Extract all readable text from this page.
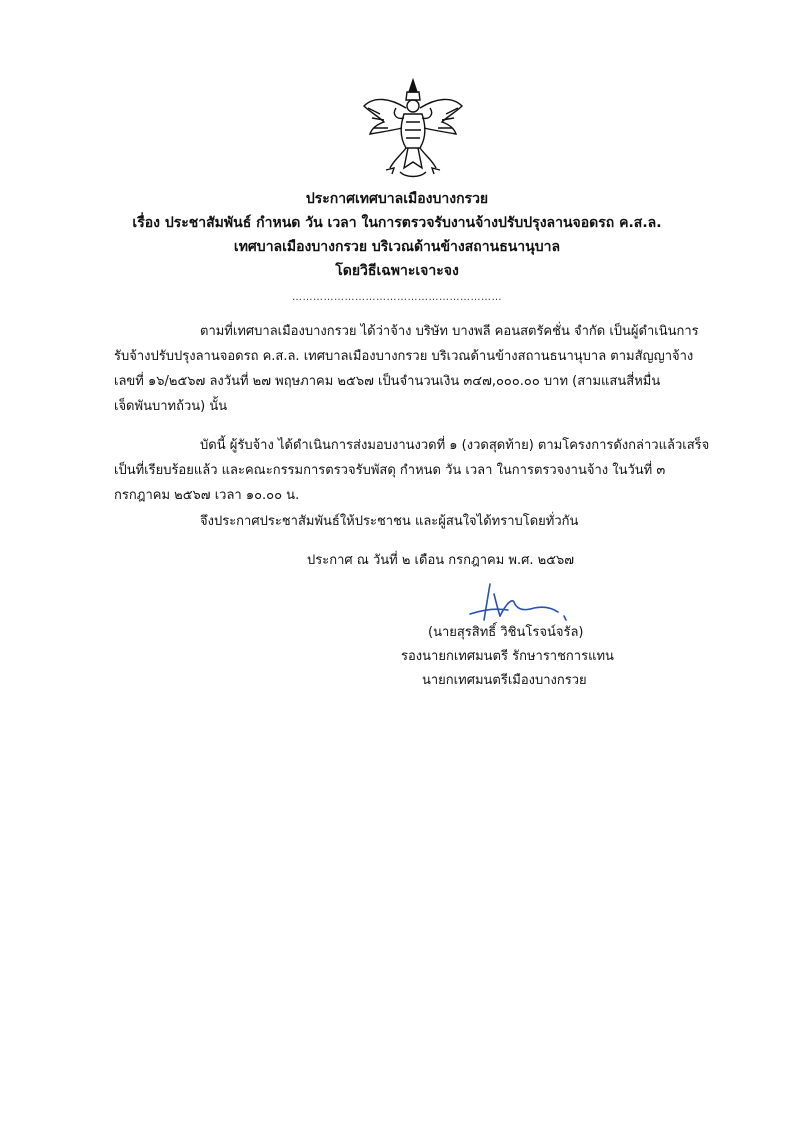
ประกาศเทศบาลเมืองบางกรวย
เรื่อง ประชาสัมพันธ์ กำหนด วัน เวลา ในการตรวจรับงานจ้างปรับปรุงลานจอดรถ ค.ส.ล.
เทศบาลเมืองบางกรวย บริเวณด้านข้างสถานธนานุบาล
โดยวิธีเฉพาะเจาะจง
……………………………………………………
ตามที่เทศบาลเมืองบางกรวย ได้ว่าจ้าง บริษัท บางพลี คอนสตรัคชั่น จำกัด เป็นผู้ดำเนินการ
รับจ้างปรับปรุงลานจอดรถ ค.ส.ล. เทศบาลเมืองบางกรวย บริเวณด้านข้างสถานธนานุบาล ตามสัญญาจ้าง
เลขที่ ๑๖/๒๕๖๗ ลงวันที่ ๒๗ พฤษภาคม ๒๕๖๗ เป็นจำนวนเงิน ๓๔๗,๐๐๐.๐๐ บาท (สามแสนสี่หมื่น
เจ็ดพันบาทถ้วน) นั้น
บัดนี้ ผู้รับจ้าง ได้ดำเนินการส่งมอบงานงวดที่ ๑ (งวดสุดท้าย) ตามโครงการดังกล่าวแล้วเสร็จ
เป็นที่เรียบร้อยแล้ว และคณะกรรมการตรวจรับพัสดุ กำหนด วัน เวลา ในการตรวจงานจ้าง ในวันที่ ๓
กรกฎาคม ๒๕๖๗ เวลา ๑๐.๐๐ น.
จึงประกาศประชาสัมพันธ์ให้ประชาชน และผู้สนใจได้ทราบโดยทั่วกัน
ประกาศ ณ วันที่ ๒ เดือน กรกฎาคม พ.ศ. ๒๕๖๗
(นายสุรสิทธิ์ วิชินโรจน์จรัล)
รองนายกเทศมนตรี รักษาราชการแทน
นายกเทศมนตรีเมืองบางกรวย
